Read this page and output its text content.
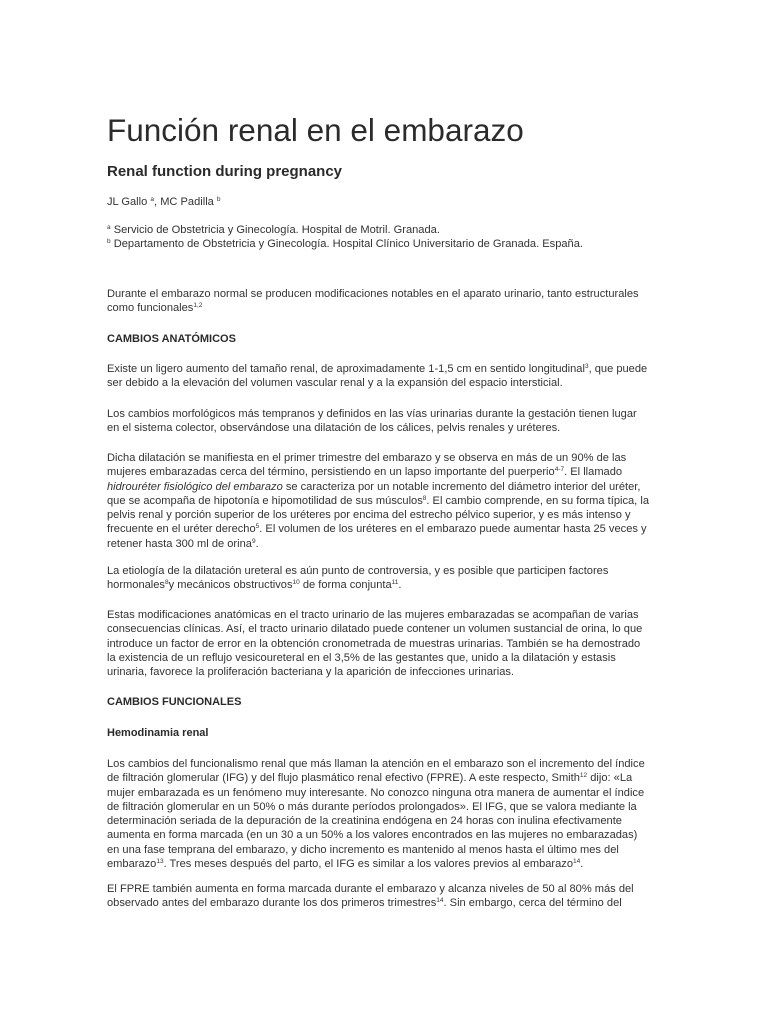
Función renal en el embarazo
Renal function during pregnancy
JL Gallo $^a$, MC Padilla $^b$
$^a$ Servicio de Obstetricia y Ginecología. Hospital de Motril. Granada.
$^b$ Departamento de Obstetricia y Ginecología. Hospital Clínico Universitario de Granada. España.
Durante el embarazo normal se producen modificaciones notables en el aparato urinario, tanto estructurales
como funcionales$^{1,2}$
CAMBIOS ANATÓMICOS
Existe un ligero aumento del tamaño renal, de aproximadamente 1-1,5 cm en sentido longitudinal$^3$, que puede
ser debido a la elevación del volumen vascular renal y a la expansión del espacio intersticial.
Los cambios morfológicos más tempranos y definidos en las vías urinarias durante la gestación tienen lugar
en el sistema colector, observándose una dilatación de los cálices, pelvis renales y uréteres.
Dicha dilatación se manifiesta en el primer trimestre del embarazo y se observa en más de un 90% de las
mujeres embarazadas cerca del término, persistiendo en un lapso importante del puerperio$^{4-7}$. El llamado
hidrouréter fisiológico del embarazo se caracteriza por un notable incremento del diámetro interior del uréter,
que se acompaña de hipotonía e hipomotilidad de sus músculos$^8$. El cambio comprende, en su forma típica, la
pelvis renal y porción superior de los uréteres por encima del estrecho pélvico superior, y es más intenso y
frecuente en el uréter derecho$^5$. El volumen de los uréteres en el embarazo puede aumentar hasta 25 veces y
retener hasta 300 ml de orina$^9$.
La etiología de la dilatación ureteral es aún punto de controversia, y es posible que participen factores
hormonales$^8$y mecánicos obstructivos$^{10}$ de forma conjunta$^{11}$.
Estas modificaciones anatómicas en el tracto urinario de las mujeres embarazadas se acompañan de varias
consecuencias clínicas. Así, el tracto urinario dilatado puede contener un volumen sustancial de orina, lo que
introduce un factor de error en la obtención cronometrada de muestras urinarias. También se ha demostrado
la existencia de un reflujo vesicoureteral en el 3,5% de las gestantes que, unido a la dilatación y estasis
urinaria, favorece la proliferación bacteriana y la aparición de infecciones urinarias.
CAMBIOS FUNCIONALES
Hemodinamia renal
Los cambios del funcionalismo renal que más llaman la atención en el embarazo son el incremento del índice
de filtración glomerular (IFG) y del flujo plasmático renal efectivo (FPRE). A este respecto, Smith$^{12}$ dijo: «La
mujer embarazada es un fenómeno muy interesante. No conozco ninguna otra manera de aumentar el índice
de filtración glomerular en un 50% o más durante períodos prolongados». El IFG, que se valora mediante la
determinación seriada de la depuración de la creatinina endógena en 24 horas con inulina efectivamente
aumenta en forma marcada (en un 30 a un 50% a los valores encontrados en las mujeres no embarazadas)
en una fase temprana del embarazo, y dicho incremento es mantenido al menos hasta el último mes del
embarazo$^{13}$. Tres meses después del parto, el IFG es similar a los valores previos al embarazo$^{14}$.
El FPRE también aumenta en forma marcada durante el embarazo y alcanza niveles de 50 al 80% más del
observado antes del embarazo durante los dos primeros trimestres$^{14}$. Sin embargo, cerca del término del
